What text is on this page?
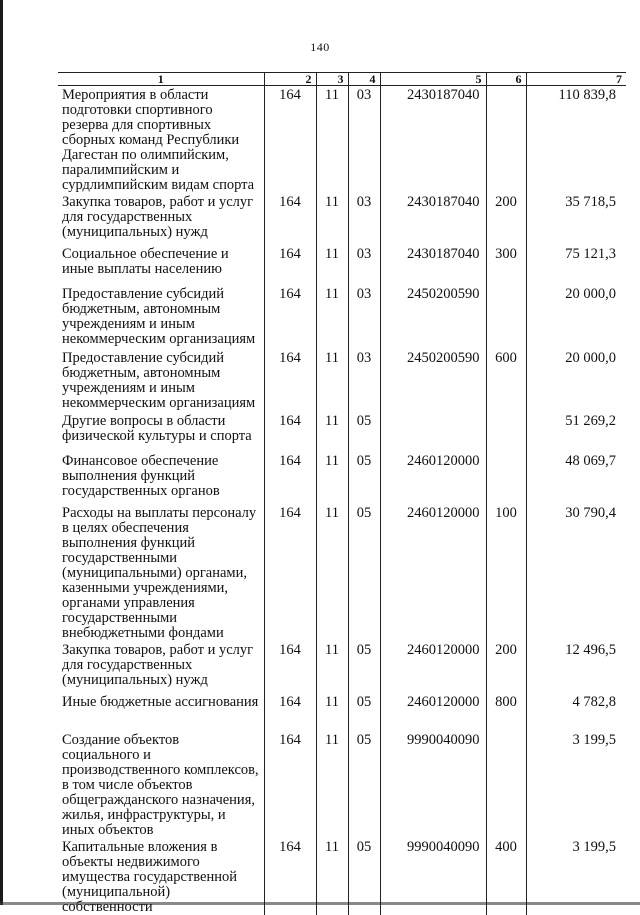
140
1	2	3	4	5	6	7
Мероприятия в области подготовки спортивного резерва для спортивных сборных команд Республики Дагестан по олимпийским, паралимпийским и сурдлимпийским видам спорта	164	11	03	2430187040		110 839,8
Закупка товаров, работ и услуг для государственных (муниципальных) нужд	164	11	03	2430187040	200	35 718,5
Социальное обеспечение и иные выплаты населению	164	11	03	2430187040	300	75 121,3
Предоставление субсидий бюджетным, автономным учреждениям и иным некоммерческим организациям	164	11	03	2450200590		20 000,0
Предоставление субсидий бюджетным, автономным учреждениям и иным некоммерческим организациям	164	11	03	2450200590	600	20 000,0
Другие вопросы в области физической культуры и спорта	164	11	05			51 269,2
Финансовое обеспечение выполнения функций государственных органов	164	11	05	2460120000		48 069,7
Расходы на выплаты персоналу в целях обеспечения выполнения функций государственными (муниципальными) органами, казенными учреждениями, органами управления государственными внебюджетными фондами	164	11	05	2460120000	100	30 790,4
Закупка товаров, работ и услуг для государственных (муниципальных) нужд	164	11	05	2460120000	200	12 496,5
Иные бюджетные ассигнования	164	11	05	2460120000	800	4 782,8
Создание объектов социального и производственного комплексов, в том числе объектов общегражданского назначения, жилья, инфраструктуры, и иных объектов	164	11	05	9990040090		3 199,5
Капитальные вложения в объекты недвижимого имущества государственной (муниципальной) собственности	164	11	05	9990040090	400	3 199,5
